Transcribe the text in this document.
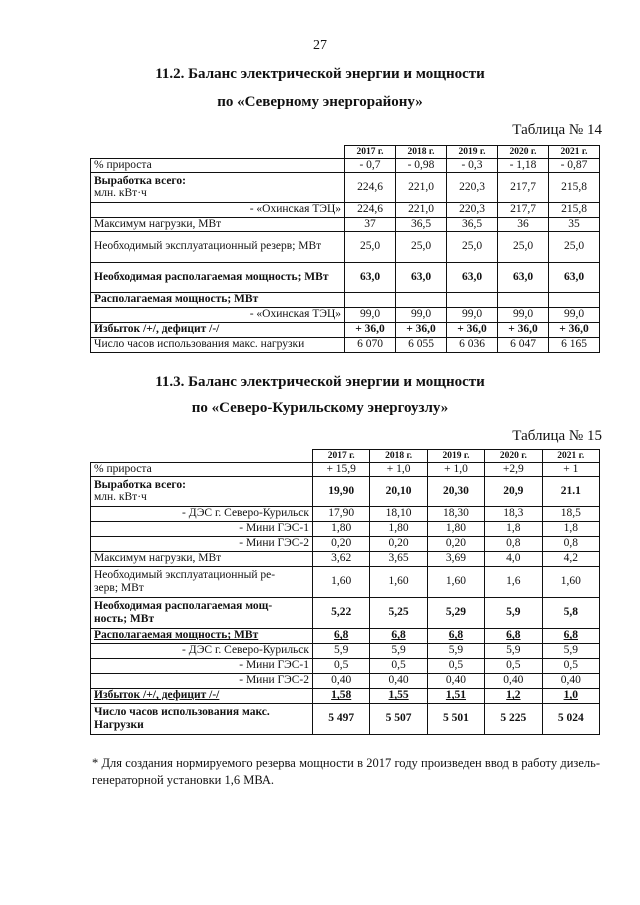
27
11.2. Баланс электрической энергии и мощности
по «Северному энергорайону»
Таблица № 14
	2017 г.	2018 г.	2019 г.	2020 г.	2021 г.
% прироста	- 0,7	- 0,98	- 0,3	- 1,18	- 0,87
Выработка всего:
млн. кВт·ч	224,6	221,0	220,3	217,7	215,8
- «Охинская ТЭЦ»	224,6	221,0	220,3	217,7	215,8
Максимум нагрузки, МВт	37	36,5	36,5	36	35
Необходимый эксплуатационный резерв; МВт	25,0	25,0	25,0	25,0	25,0
Необходимая располагаемая мощность; МВт	63,0	63,0	63,0	63,0	63,0
Располагаемая мощность; МВт					
- «Охинская ТЭЦ»	99,0	99,0	99,0	99,0	99,0
Избыток /+/, дефицит /-/	+ 36,0	+ 36,0	+ 36,0	+ 36,0	+ 36,0
Число часов использования макс. нагрузки	6 070	6 055	6 036	6 047	6 165
11.3. Баланс электрической энергии и мощности
по «Северо-Курильскому энергоузлу»
Таблица № 15
	2017 г.	2018 г.	2019 г.	2020 г.	2021 г.
% прироста	+ 15,9	+ 1,0	+ 1,0	+2,9	+ 1
Выработка всего:
млн. кВт·ч	19,90	20,10	20,30	20,9	21.1
- ДЭС г. Северо-Курильск	17,90	18,10	18,30	18,3	18,5
- Мини ГЭС-1	1,80	1,80	1,80	1,8	1,8
- Мини ГЭС-2	0,20	0,20	0,20	0,8	0,8
Максимум нагрузки, МВт	3,62	3,65	3,69	4,0	4,2
Необходимый эксплуатационный ре-
зерв; МВт	1,60	1,60	1,60	1,6	1,60
Необходимая располагаемая мощ-
ность; МВт	5,22	5,25	5,29	5,9	5,8
Располагаемая мощность; МВт	6,8	6,8	6,8	6,8	6,8
- ДЭС г. Северо-Курильск	5,9	5,9	5,9	5,9	5,9
- Мини ГЭС-1	0,5	0,5	0,5	0,5	0,5
- Мини ГЭС-2	0,40	0,40	0,40	0,40	0,40
Избыток /+/, дефицит /-/	1,58	1,55	1,51	1,2	1,0
Число часов использования макс.
Нагрузки	5 497	5 507	5 501	5 225	5 024
* Для создания нормируемого резерва мощности в 2017 году произведен ввод в работу дизель-генераторной установки 1,6 МВА.
